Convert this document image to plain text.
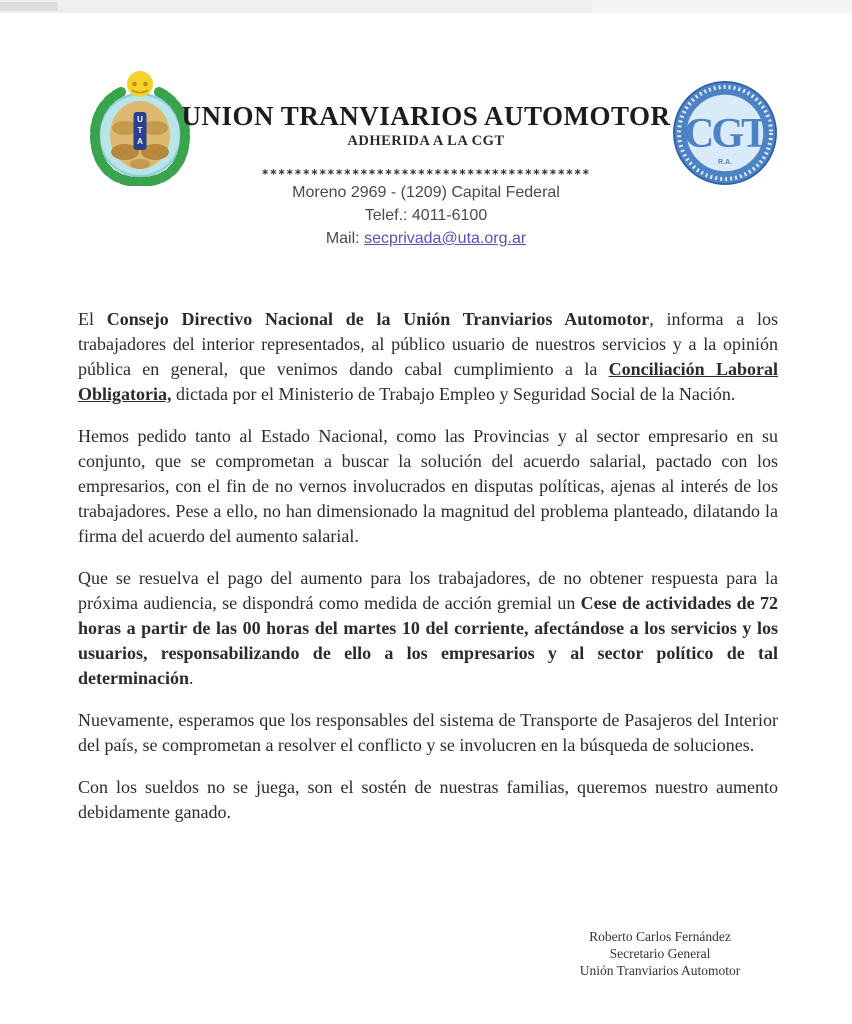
U
T
A
UNION TRANVIARIOS AUTOMOTOR
ADHERIDA A LA CGT	CGT
R.A.
****************************************
Moreno 2969 - (1209) Capital Federal
Telef.: 4011-6100
Mail: secprivada@uta.org.ar

El Consejo Directivo Nacional de la Unión Tranviarios Automotor, informa a los trabajadores del interior representados, al público usuario de nuestros servicios y a la opinión pública en general, que venimos dando cabal cumplimiento a la Conciliación Laboral Obligatoria, dictada por el Ministerio de Trabajo Empleo y Seguridad Social de la Nación.

Hemos pedido tanto al Estado Nacional, como las Provincias y al sector empresario en su conjunto, que se comprometan a buscar la solución del acuerdo salarial, pactado con los empresarios, con el fin de no vernos involucrados en disputas políticas, ajenas al interés de los trabajadores. Pese a ello, no han dimensionado la magnitud del problema planteado, dilatando la firma del acuerdo del aumento salarial.

Que se resuelva el pago del aumento para los trabajadores, de no obtener respuesta para la próxima audiencia, se dispondrá como medida de acción gremial un Cese de actividades de 72 horas a partir de las 00 horas del martes 10 del corriente, afectándose a los servicios y los usuarios, responsabilizando de ello a los empresarios y al sector político de tal determinación.

Nuevamente, esperamos que los responsables del sistema de Transporte de Pasajeros del Interior del país, se comprometan a resolver el conflicto y se involucren en la búsqueda de soluciones.

Con los sueldos no se juega, son el sostén de nuestras familias, queremos nuestro aumento debidamente ganado.

Roberto Carlos Fernández
Secretario General
Unión Tranviarios Automotor
